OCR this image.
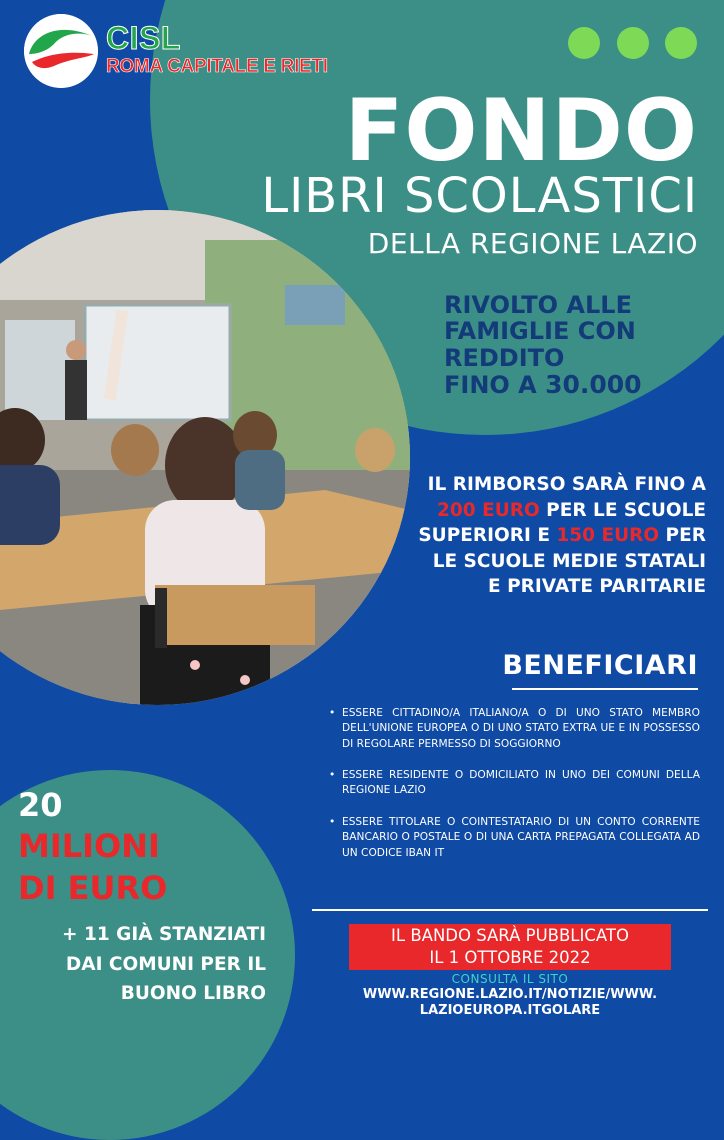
CISL
ROMA CAPITALE E RIETI
FONDO
LIBRI SCOLASTICI
DELLA REGIONE LAZIO
RIVOLTO ALLE
FAMIGLIE CON
REDDITO
FINO A 30.000
IL RIMBORSO SARÀ FINO A
200 EURO PER LE SCUOLE
SUPERIORI E 150 EURO PER
LE SCUOLE MEDIE STATALI
E PRIVATE PARITARIE
BENEFICIARI
• ESSERE CITTADINO/A ITALIANO/A O DI UNO STATO MEMBRO DELL'UNIONE EUROPEA O DI UNO STATO EXTRA UE E IN POSSESSO DI REGOLARE PERMESSO DI SOGGIORNO
• ESSERE RESIDENTE O DOMICILIATO IN UNO DEI COMUNI DELLA REGIONE LAZIO
• ESSERE TITOLARE O COINTESTATARIO DI UN CONTO CORRENTE BANCARIO O POSTALE O DI UNA CARTA PREPAGATA COLLEGATA AD UN CODICE IBAN IT
20
MILIONI
DI EURO
+ 11 GIÀ STANZIATI
DAI COMUNI PER IL
BUONO LIBRO
IL BANDO SARÀ PUBBLICATO
IL 1 OTTOBRE 2022
CONSULTA IL SITO
WWW.REGIONE.LAZIO.IT/NOTIZIE/WWW.
LAZIOEUROPA.ITGOLARE
